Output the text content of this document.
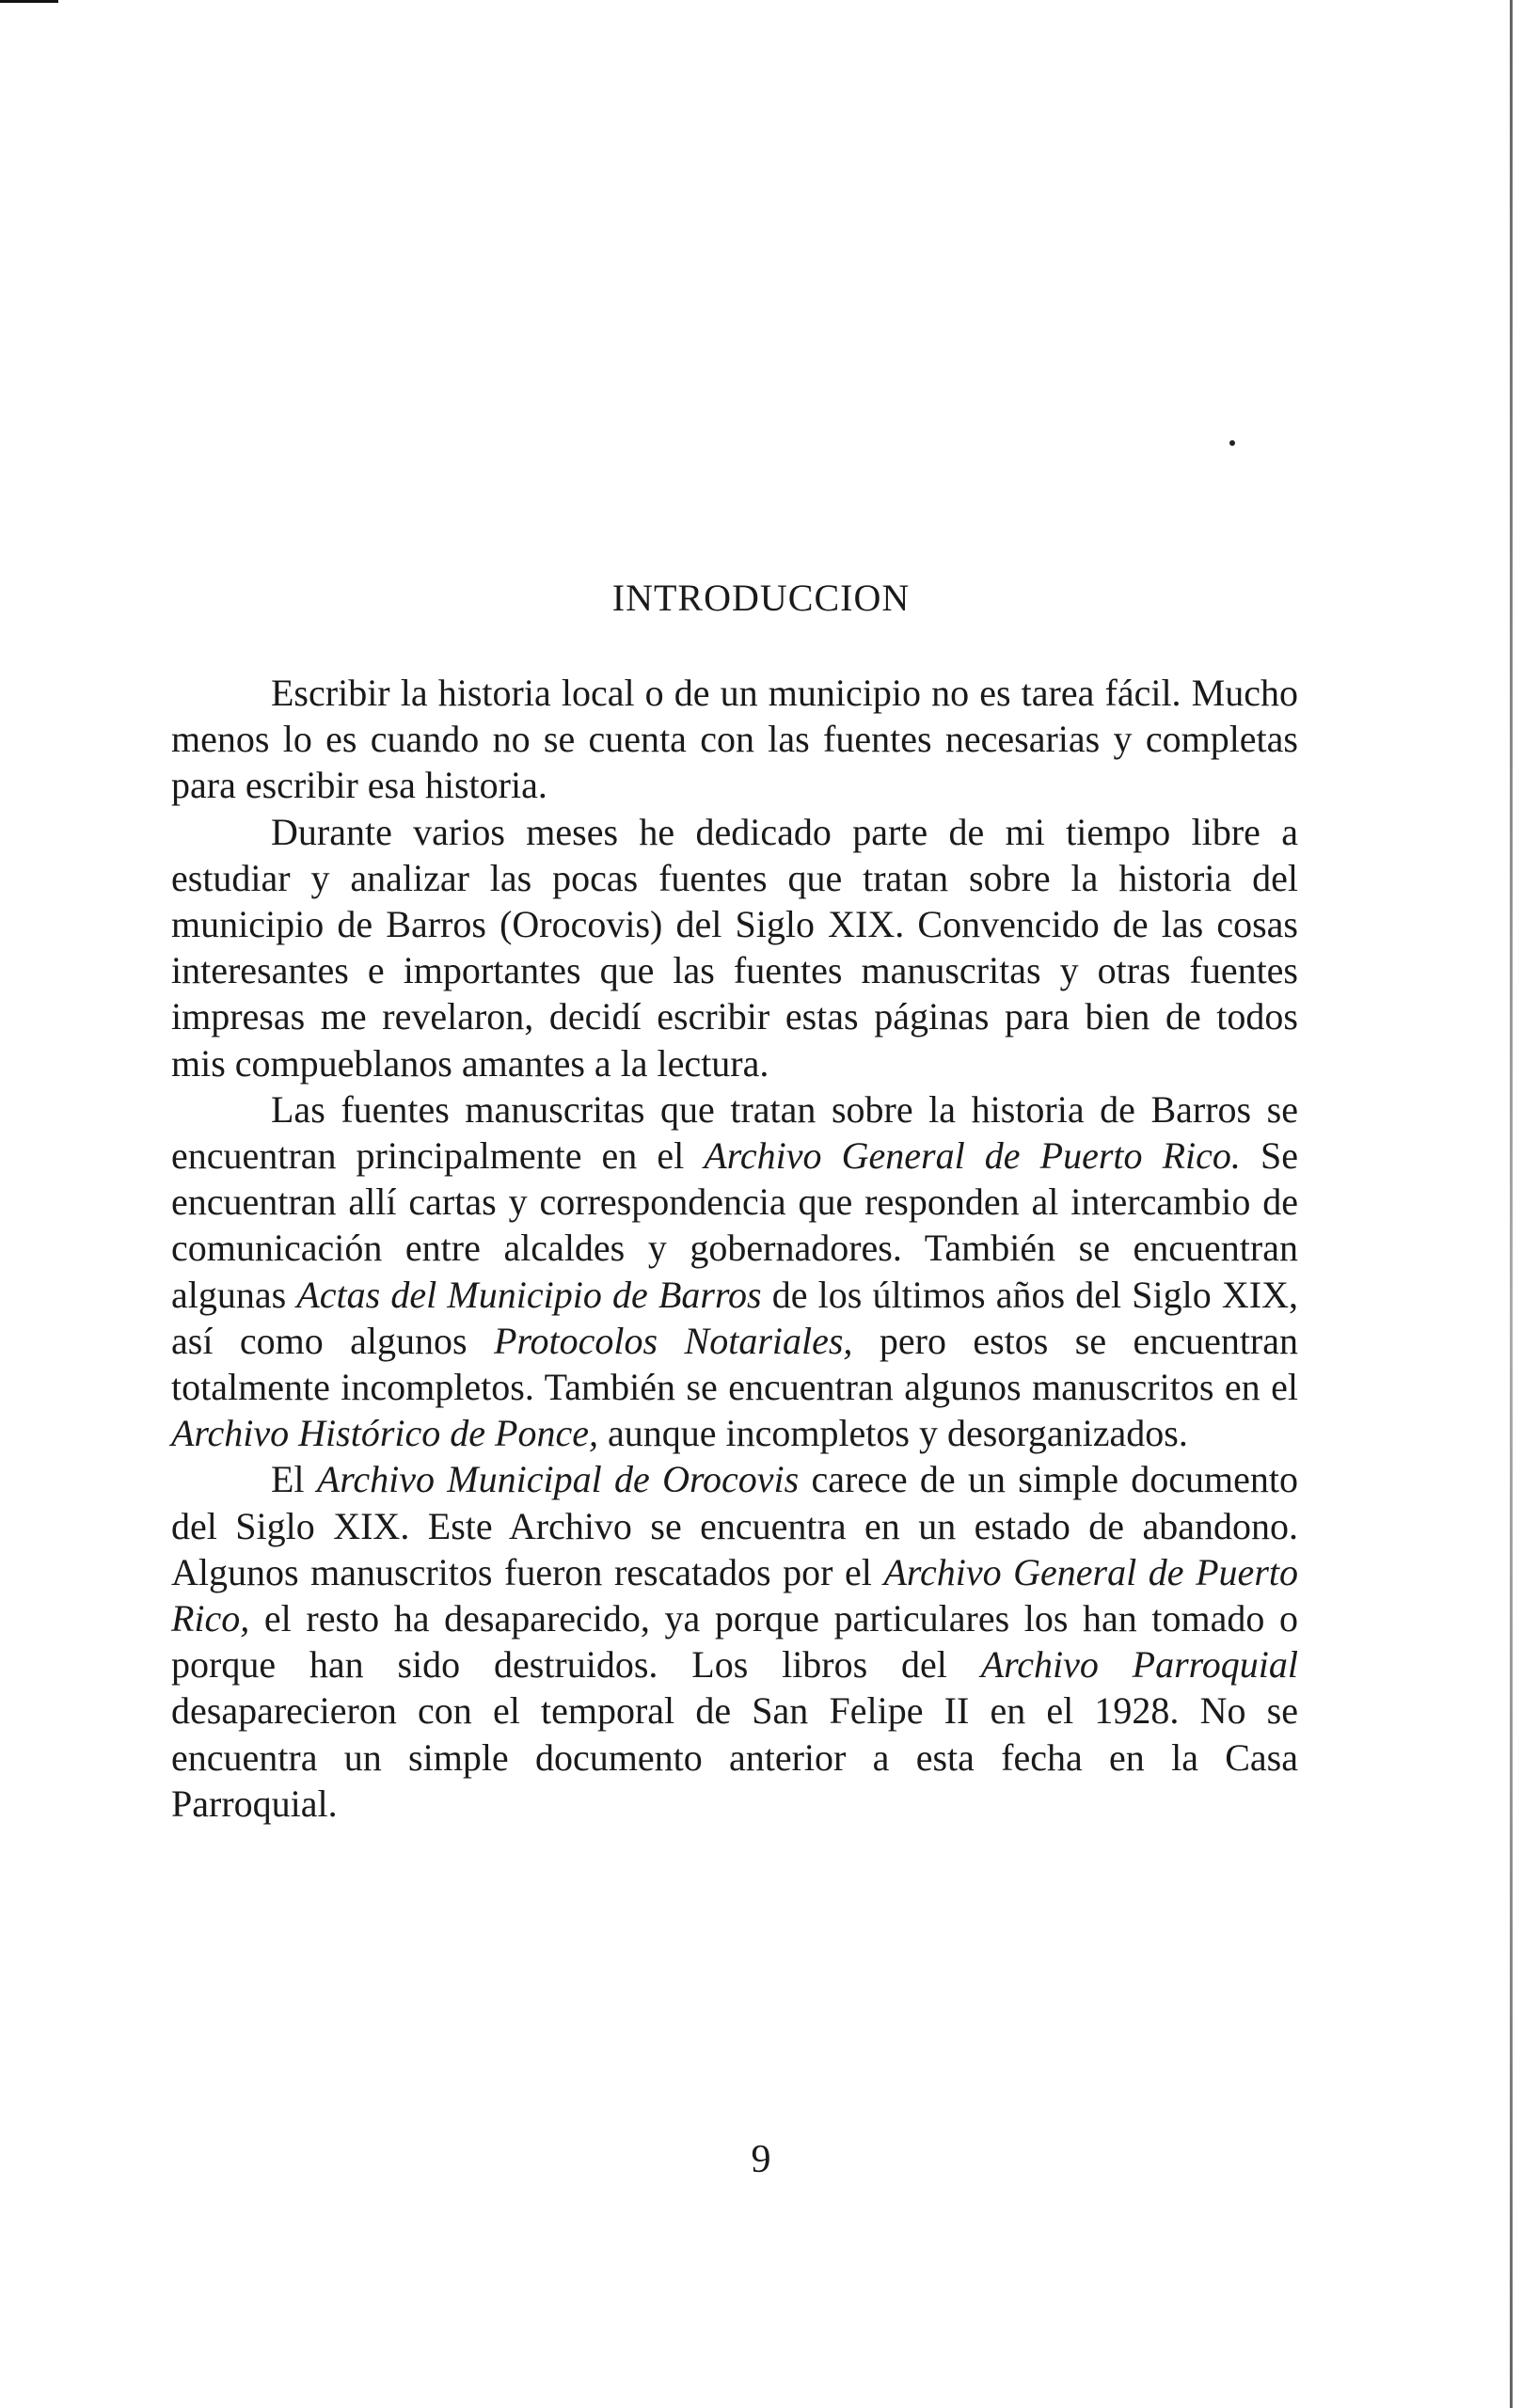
INTRODUCCION

Escribir la historia local o de un municipio no es tarea fácil. Mucho menos lo es cuando no se cuenta con las fuentes necesarias y completas para escribir esa historia.

Durante varios meses he dedicado parte de mi tiempo libre a estudiar y analizar las pocas fuentes que tratan sobre la historia del municipio de Barros (Orocovis) del Siglo XIX. Convencido de las cosas interesantes e importantes que las fuentes manuscritas y otras fuentes impresas me revelaron, decidí escribir estas páginas para bien de todos mis compueblanos amantes a la lectura.

Las fuentes manuscritas que tratan sobre la historia de Barros se encuentran principalmente en el Archivo General de Puerto Rico. Se encuentran allí cartas y correspondencia que responden al intercambio de comunicación entre alcaldes y gobernadores. También se encuentran algunas Actas del Municipio de Barros de los últimos años del Siglo XIX, así como algunos Protocolos Notariales, pero estos se encuentran totalmente incompletos. También se encuentran algunos manuscritos en el Archivo Histórico de Ponce, aunque incompletos y desorganizados.

El Archivo Municipal de Orocovis carece de un simple documento del Siglo XIX. Este Archivo se encuentra en un estado de abandono. Algunos manuscritos fueron rescatados por el Archivo General de Puerto Rico, el resto ha desaparecido, ya porque particulares los han tomado o porque han sido destruidos. Los libros del Archivo Parroquial desaparecieron con el temporal de San Felipe II en el 1928. No se encuentra un simple documento anterior a esta fecha en la Casa Parroquial.

9
